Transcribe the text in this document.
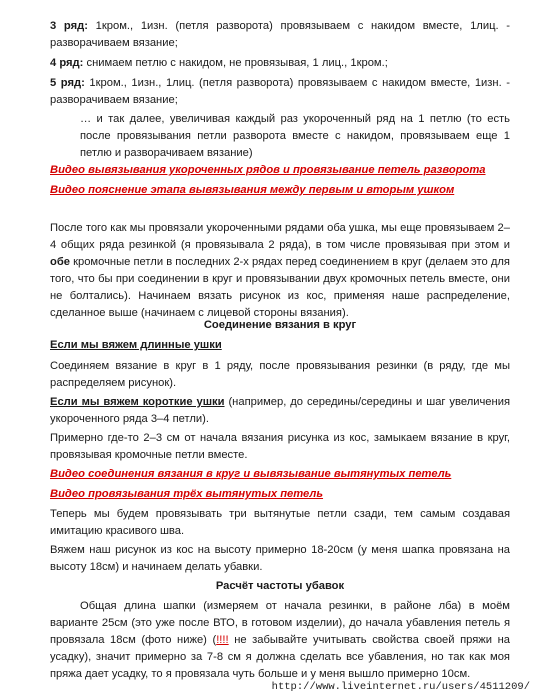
3 ряд: 1кром., 1изн. (петля разворота) провязываем с накидом вместе, 1лиц. - разворачиваем вязание;

4 ряд: снимаем петлю с накидом, не провязывая, 1 лиц., 1кром.;

5 ряд: 1кром., 1изн., 1лиц. (петля разворота) провязываем с накидом вместе, 1изн. - разворачиваем вязание;

… и так далее, увеличивая каждый раз укороченный ряд на 1 петлю (то есть после провязывания петли разворота вместе с накидом, провязываем еще 1 петлю и разворачиваем вязание)

Видео вывязывания укороченных рядов и провязывание петель разворота

Видео пояснение этапа вывязывания между первым и вторым ушком

После того как мы провязали укороченными рядами оба ушка, мы еще провязываем 2–4 общих ряда резинкой (я провязывала 2 ряда), в том числе провязывая при этом и обе кромочные петли в последних 2-х рядах перед соединением в круг (делаем это для того, что бы при соединении в круг и провязывании двух кромочных петель вместе, они не болтались). Начинаем вязать рисунок из кос, применяя наше распределение, сделанное выше (начинаем с лицевой стороны вязания).

Соединение вязания в круг

Если мы вяжем длинные ушки

Соединяем вязание в круг в 1 ряду, после провязывания резинки (в ряду, где мы распределяем рисунок).

Если мы вяжем короткие ушки (например, до середины/середины и шаг увеличения укороченного ряда 3–4 петли).

Примерно где-то 2–3 см от начала вязания рисунка из кос, замыкаем вязание в круг, провязывая кромочные петли вместе.

Видео соединения вязания в круг и вывязывание вытянутых петель

Видео провязывания трёх вытянутых петель

Теперь мы будем провязывать три вытянутые петли сзади, тем самым создавая имитацию красивого шва.

Вяжем наш рисунок из кос на высоту примерно 18-20см (у меня шапка провязана на высоту 18см) и начинаем делать убавки.

Расчёт частоты убавок

Общая длина шапки (измеряем от начала резинки, в районе лба) в моём варианте 25см (это уже после ВТО, в готовом изделии), до начала убавления петель я провязала 18см (фото ниже) (!!!! не забывайте учитывать свойства своей пряжи на усадку), значит примерно за 7-8 см я должна сделать все убавления, но так как моя пряжа дает усадку, то я провязала чуть больше и у меня вышло примерно 10см.

http://www.liveinternet.ru/users/4511209/
